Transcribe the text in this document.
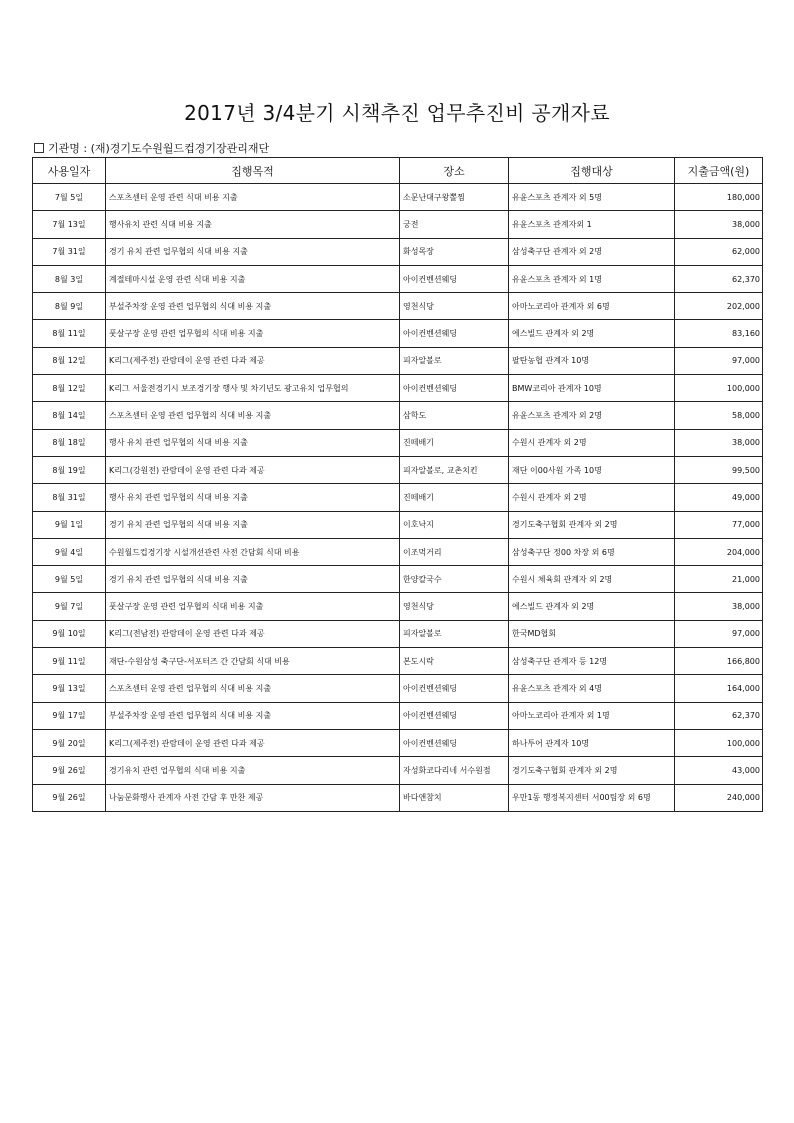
2017년 3/4분기 시책추진 업무추진비 공개자료
기관명 : (재)경기도수원월드컵경기장관리재단
사용일자	집행목적	장소	집행대상	지출금액(원)
7월 5일	스포츠센터 운영 관련 식대 비용 지출	소문난대구왕뽈찜	유윤스포츠 관계자 외 5명	180,000
7월 13일	행사유치 관련 식대 비용 지출	궁전	유윤스포츠 관계자외 1	38,000
7월 31일	경기 유치 관련 업무협의 식대 비용 지출	화성목장	삼성축구단 관계자 외 2명	62,000
8월 3일	계절테마시설 운영 관련 식대 비용 지출	아이컨벤션웨딩	유윤스포츠 관계자 외 1명	62,370
8월 9일	부설주차장 운영 관련 업무협의 식대 비용 지출	영천식당	아마노코리아 관계자 외 6명	202,000
8월 11일	풋살구장 운영 관련 업무협의 식대 비용 지출	아이컨벤션웨딩	에스빌드 관계자 외 2명	83,160
8월 12일	K리그(제주전) 관람데이 운영 관련 다과 제공	피자알볼로	팔탄농협 관계자 10명	97,000
8월 12일	K리그 서울전경기시 보조경기장 행사 및 차기년도 광고유치 업무협의	아이컨벤션웨딩	BMW코리아 관계자 10명	100,000
8월 14일	스포츠센터 운영 관련 업무협의 식대 비용 지출	삼학도	유윤스포츠 관계자 외 2명	58,000
8월 18일	행사 유치 관련 업무협의 식대 비용 지출	진떼배기	수원시 관계자 외 2명	38,000
8월 19일	K리그(강원전) 관람데이 운영 관련 다과 제공	피자알볼로, 교촌치킨	재단 이00사원 가족 10명	99,500
8월 31일	행사 유치 관련 업무협의 식대 비용 지출	진떼배기	수원시 관계자 외 2명	49,000
9월 1일	경기 유치 관련 업무협의 식대 비용 지출	이호낙지	경기도축구협회 관계자 외 2명	77,000
9월 4일	수원월드컵경기장 시설개선관련 사전 간담회 식대 비용	이조먹거리	삼성축구단 정00 차장 외 6명	204,000
9월 5일	경기 유치 관련 업무협의 식대 비용 지출	한양칼국수	수원시 체육회 관계자 외 2명	21,000
9월 7일	풋살구장 운영 관련 업무협의 식대 비용 지출	영천식당	에스빌드 관계자 외 2명	38,000
9월 10일	K리그(전남전) 관람데이 운영 관련 다과 제공	피자알볼로	한국MD협회	97,000
9월 11일	재단-수원삼성 축구단-서포터즈 간 간담회 식대 비용	본도시락	삼성축구단 관계자 등 12명	166,800
9월 13일	스포츠센터 운영 관련 업무협의 식대 비용 지출	아이컨벤션웨딩	유윤스포츠 관계자 외 4명	164,000
9월 17일	부설주차장 운영 관련 업무협의 식대 비용 지출	아이컨벤션웨딩	아마노코리아 관계자 외 1명	62,370
9월 20일	K리그(제주전) 관람데이 운영 관련 다과 제공	아이컨벤션웨딩	하나투어 관계자 10명	100,000
9월 26일	경기유치 관련 업무협의 식대 비용 지출	자성화코다리네 서수원점	경기도축구협회 관계자 외 2명	43,000
9월 26일	나눔문화행사 관계자 사전 간담 후 만찬 제공	바다앤참치	우만1동 행정복지센터 서00팀장 외 6명	240,000
